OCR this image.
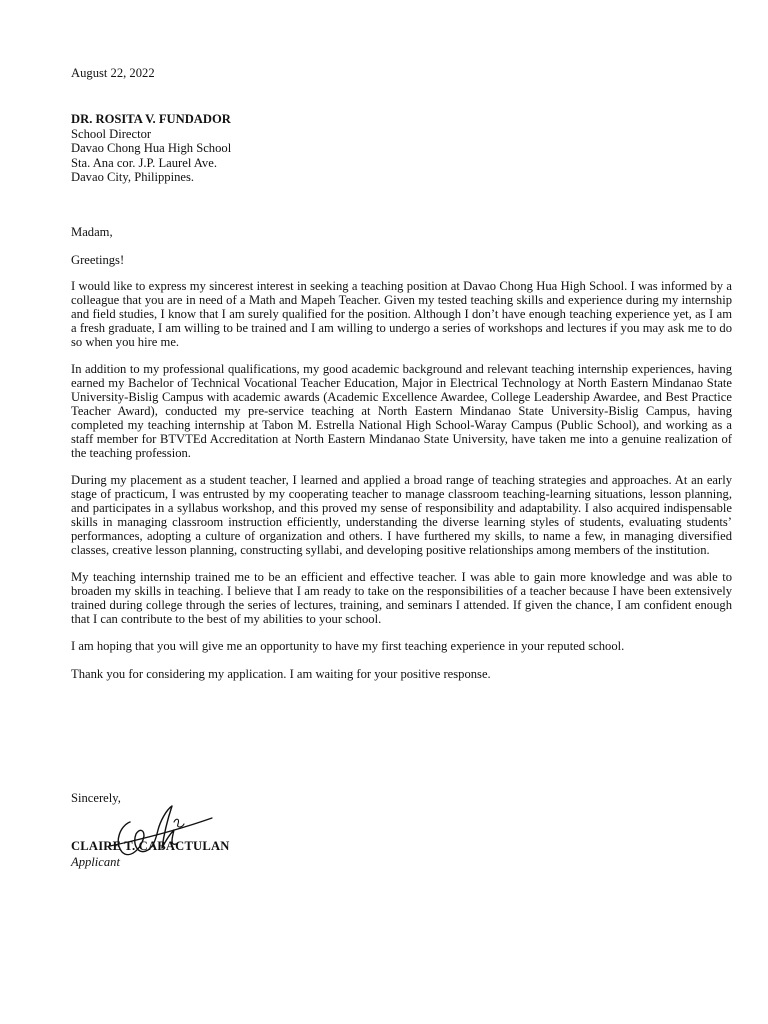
August 22, 2022
DR. ROSITA V. FUNDADOR
School Director
Davao Chong Hua High School
Sta. Ana cor. J.P. Laurel Ave.
Davao City, Philippines.
Madam,
Greetings!

I would like to express my sincerest interest in seeking a teaching position at Davao Chong Hua High School. I was informed by a colleague that you are in need of a Math and Mapeh Teacher. Given my tested teaching skills and experience during my internship and field studies, I know that I am surely qualified for the position. Although I don’t have enough teaching experience yet, as I am a fresh graduate, I am willing to be trained and I am willing to undergo a series of workshops and lectures if you may ask me to do so when you hire me.

In addition to my professional qualifications, my good academic background and relevant teaching internship experiences, having earned my Bachelor of Technical Vocational Teacher Education, Major in Electrical Technology at North Eastern Mindanao State University-Bislig Campus with academic awards (Academic Excellence Awardee, College Leadership Awardee, and Best Practice Teacher Award), conducted my pre-service teaching at North Eastern Mindanao State University-Bislig Campus, having completed my teaching internship at Tabon M. Estrella National High School-Waray Campus (Public School), and working as a staff member for BTVTEd Accreditation at North Eastern Mindanao State University, have taken me into a genuine realization of the teaching profession.

During my placement as a student teacher, I learned and applied a broad range of teaching strategies and approaches. At an early stage of practicum, I was entrusted by my cooperating teacher to manage classroom teaching-learning situations, lesson planning, and participates in a syllabus workshop, and this proved my sense of responsibility and adaptability. I also acquired indispensable skills in managing classroom instruction efficiently, understanding the diverse learning styles of students, evaluating students’ performances, adopting a culture of organization and others. I have furthered my skills, to name a few, in managing diversified classes, creative lesson planning, constructing syllabi, and developing positive relationships among members of the institution.

My teaching internship trained me to be an efficient and effective teacher. I was able to gain more knowledge and was able to broaden my skills in teaching. I believe that I am ready to take on the responsibilities of a teacher because I have been extensively trained during college through the series of lectures, training, and seminars I attended. If given the chance, I am confident enough that I can contribute to the best of my abilities to your school.

I am hoping that you will give me an opportunity to have my first teaching experience in your reputed school.

Thank you for considering my application. I am waiting for your positive response.

Sincerely,
CLAIRE T. CABACTULAN
Applicant
